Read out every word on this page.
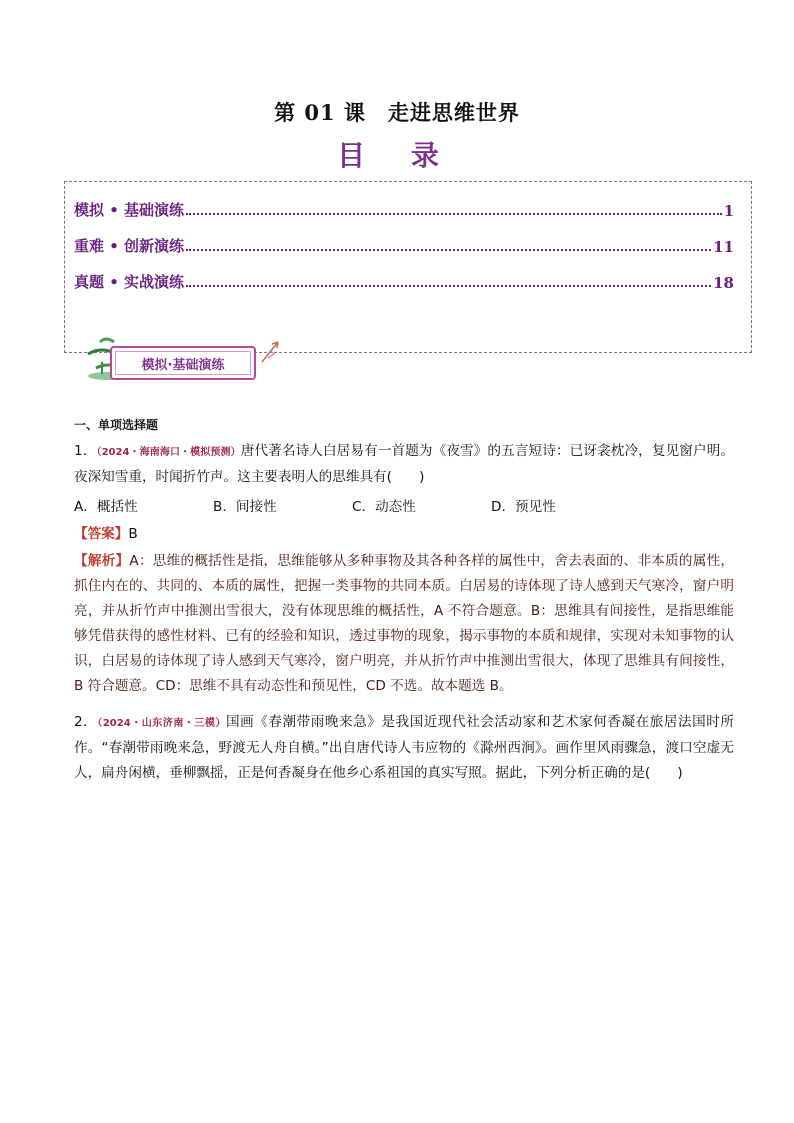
第 01 课 走进思维世界
目 录
模拟 • 基础演练	1
重难 • 创新演练	11
真题 • 实战演练	18
模拟·基础演练
一、单项选择题
1．（2024・海南海口・模拟预测）唐代著名诗人白居易有一首题为《夜雪》的五言短诗：已讶衾枕冷，复见窗户明。夜深知雪重，时闻折竹声。这主要表明人的思维具有(　　)
A．概括性	B．间接性	C．动态性	D．预见性
【答案】B
【解析】A：思维的概括性是指，思维能够从多种事物及其各种各样的属性中，舍去表面的、非本质的属性，抓住内在的、共同的、本质的属性，把握一类事物的共同本质。白居易的诗体现了诗人感到天气寒冷，窗户明亮，并从折竹声中推测出雪很大，没有体现思维的概括性，A 不符合题意。B：思维具有间接性，是指思维能够凭借获得的感性材料、已有的经验和知识，透过事物的现象，揭示事物的本质和规律，实现对未知事物的认识，白居易的诗体现了诗人感到天气寒冷，窗户明亮，并从折竹声中推测出雪很大，体现了思维具有间接性，B 符合题意。CD：思维不具有动态性和预见性，CD 不选。故本题选 B。
2．（2024・山东济南・三模）国画《春潮带雨晚来急》是我国近现代社会活动家和艺术家何香凝在旅居法国时所作。“春潮带雨晚来急，野渡无人舟自横。”出自唐代诗人韦应物的《滁州西涧》。画作里风雨骤急，渡口空虚无人，扁舟闲横，垂柳飘摇，正是何香凝身在他乡心系祖国的真实写照。据此，下列分析正确的是(　　)
